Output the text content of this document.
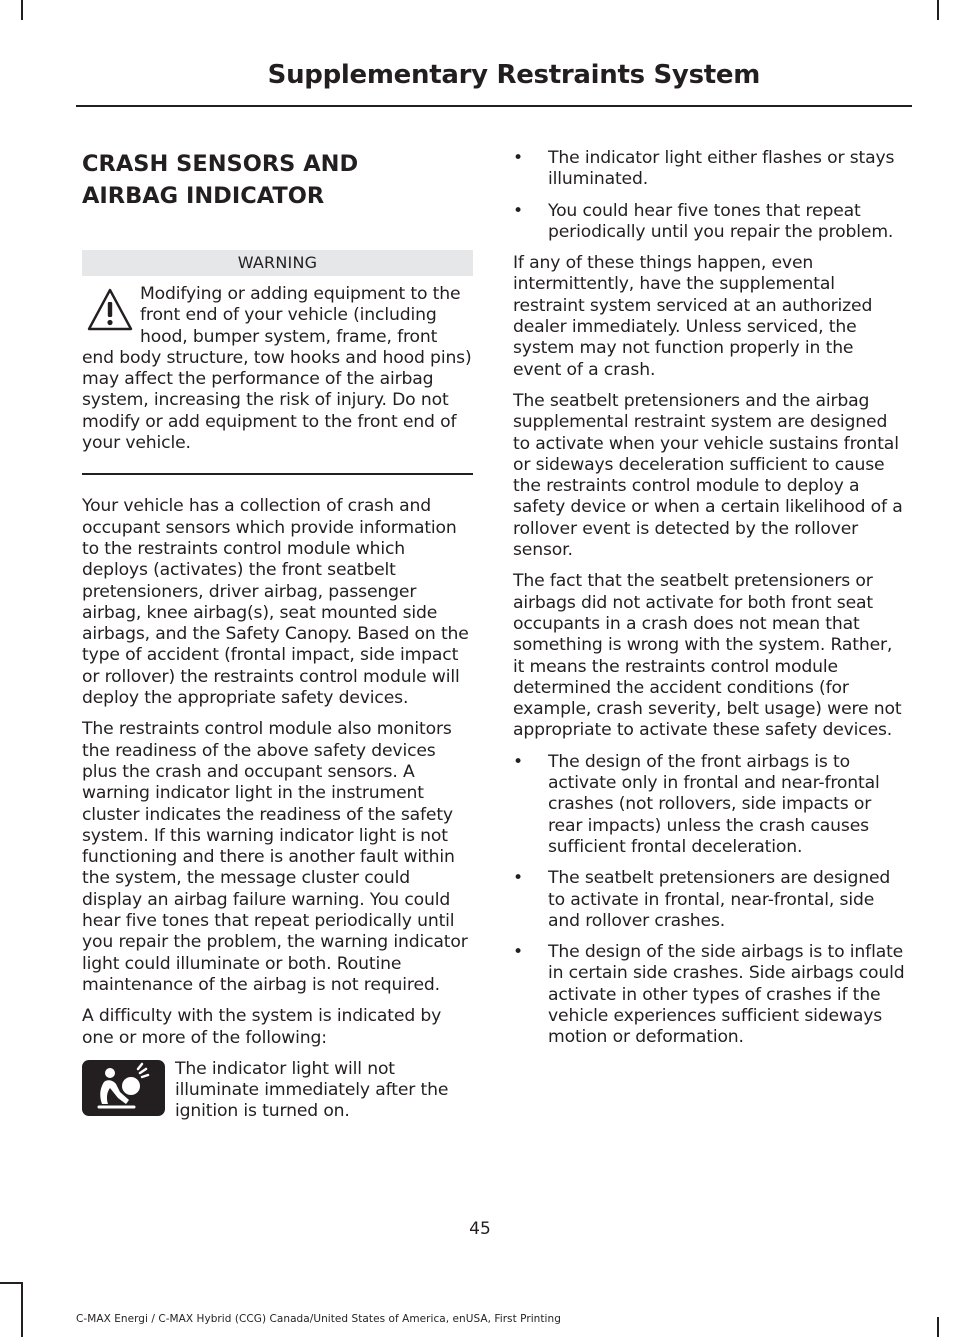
Supplementary Restraints System
CRASH SENSORS AND
AIRBAG INDICATOR
WARNING

Modifying or adding equipment to the front end of your vehicle (including hood, bumper system, frame, front end body structure, tow hooks and hood pins) may affect the performance of the airbag system, increasing the risk of injury. Do not modify or add equipment to the front end of your vehicle.

Your vehicle has a collection of crash and occupant sensors which provide information to the restraints control module which deploys (activates) the front seatbelt pretensioners, driver airbag, passenger airbag, knee airbag(s), seat mounted side airbags, and the Safety Canopy. Based on the type of accident (frontal impact, side impact or rollover) the restraints control module will deploy the appropriate safety devices.

The restraints control module also monitors the readiness of the above safety devices plus the crash and occupant sensors. A warning indicator light in the instrument cluster indicates the readiness of the safety system. If this warning indicator light is not functioning and there is another fault within the system, the message cluster could display an airbag failure warning. You could hear five tones that repeat periodically until you repair the problem, the warning indicator light could illuminate or both. Routine maintenance of the airbag is not required.

A difficulty with the system is indicated by one or more of the following:

The indicator light will not illuminate immediately after the ignition is turned on.
•	The indicator light either flashes or stays illuminated.
•	You could hear five tones that repeat periodically until you repair the problem.

If any of these things happen, even intermittently, have the supplemental restraint system serviced at an authorized dealer immediately. Unless serviced, the system may not function properly in the event of a crash.

The seatbelt pretensioners and the airbag supplemental restraint system are designed to activate when your vehicle sustains frontal or sideways deceleration sufficient to cause the restraints control module to deploy a safety device or when a certain likelihood of a rollover event is detected by the rollover sensor.

The fact that the seatbelt pretensioners or airbags did not activate for both front seat occupants in a crash does not mean that something is wrong with the system. Rather, it means the restraints control module determined the accident conditions (for example, crash severity, belt usage) were not appropriate to activate these safety devices.

•	The design of the front airbags is to activate only in frontal and near-frontal crashes (not rollovers, side impacts or rear impacts) unless the crash causes sufficient frontal deceleration.
•	The seatbelt pretensioners are designed to activate in frontal, near-frontal, side and rollover crashes.
•	The design of the side airbags is to inflate in certain side crashes. Side airbags could activate in other types of crashes if the vehicle experiences sufficient sideways motion or deformation.
45
C-MAX Energi / C-MAX Hybrid (CCG) Canada/United States of America, enUSA, First Printing
